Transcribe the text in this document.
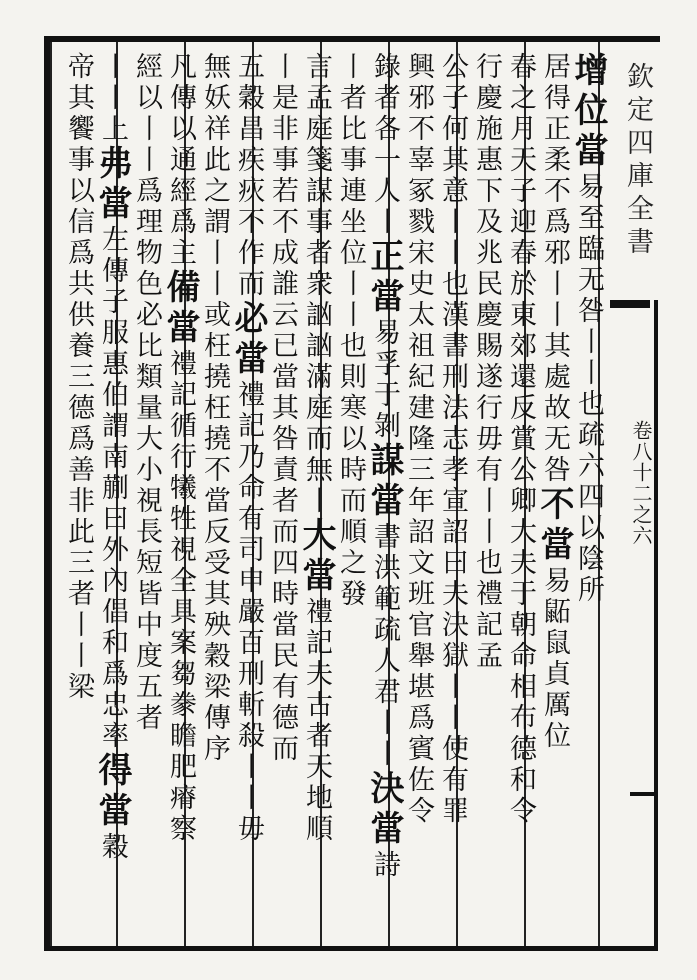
欽定四庫全書
卷八十二之六
增位當易至臨无咎丨丨也疏六四以陰所
居得正柔不爲邪丨丨其處故无咎不當易鼫鼠貞厲位
春之月天子迎春於東郊還反賞公卿大夫于朝命相布德和令
行慶施惠下及兆民慶賜遂行毋有丨丨也禮記孟
公子何其意丨丨也漢書刑法志孝宣詔曰夫決獄丨丨使有罪
興邪不辜冢戮宋史太祖紀建隆三年詔文班官舉堪爲賓佐令
錄者各一人丨正當易孚于剝謀當書洪範疏人君丨丨決當詩
丨者比事連坐位丨丨也則寒以時而順之發
言孟庭箋謀事者衆訩訩滿庭而無丨大當禮記夫古者天地順
丨是非事若不成誰云已當其咎責者而四時當民有德而
五穀昌疾疢不作而必當禮記乃命有司申嚴百刑斬殺丨丨毋
無妖祥此之謂丨丨或枉撓枉撓不當反受其殃穀梁傳序
凡傳以通經爲主備當禮記循行犧牲視全具案芻豢瞻肥瘠察
經以丨丨爲理物色必比類量大小視長短皆中度五者
丨丨上弗當左傳子服惠伯謂南蒯曰外內倡和爲忠率得當穀
帝其饗事以信爲共供養三德爲善非此三者丨丨梁
